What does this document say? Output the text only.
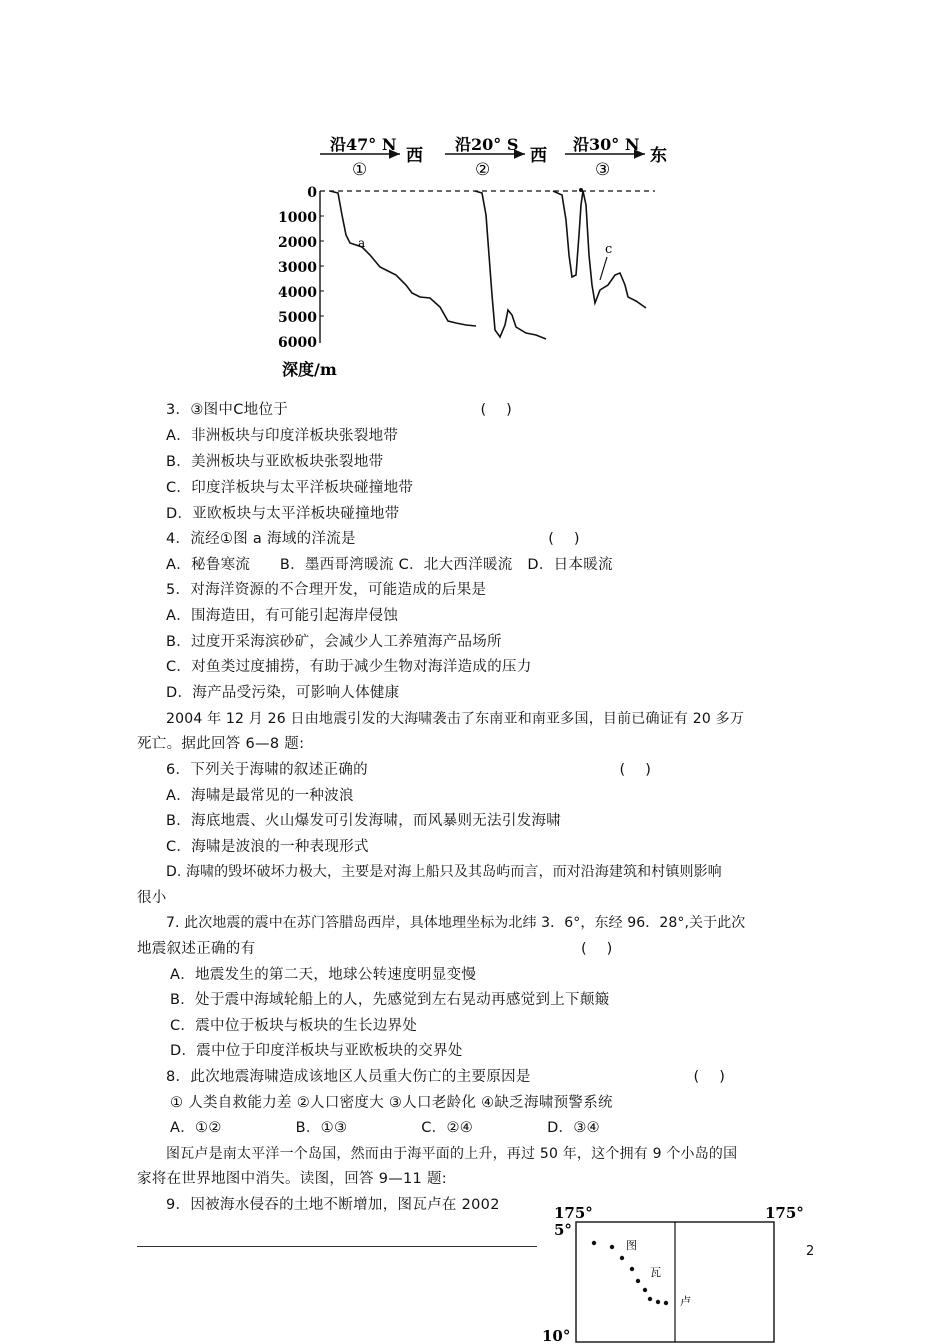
沿47° N
①
西
沿20° S
②
西
沿30° N
③
东
0
1000
2000
3000
4000
5000
6000
深度/m
a	c
3．③图中C地位于　　　　　　　　　　　　　(　 )
A．非洲板块与印度洋板块张裂地带
B．美洲板块与亚欧板块张裂地带
C．印度洋板块与太平洋板块碰撞地带
D．亚欧板块与太平洋板块碰撞地带
4．流经①图 a 海域的洋流是　　　　　　　　　　　　　(　 )
A．秘鲁寒流　　B．墨西哥湾暖流 C．北大西洋暖流　D．日本暖流
5．对海洋资源的不合理开发，可能造成的后果是
A．围海造田，有可能引起海岸侵蚀
B．过度开采海滨砂矿，会减少人工养殖海产品场所
C．对鱼类过度捕捞，有助于减少生物对海洋造成的压力
D．海产品受污染，可影响人体健康
2004 年 12 月 26 日由地震引发的大海啸袭击了东南亚和南亚多国，目前已确证有 20 多万
死亡。据此回答 6—8 题:
6．下列关于海啸的叙述正确的　　　　　　　　　　　　　　　　　(　 )
A．海啸是最常见的一种波浪
B．海底地震、火山爆发可引发海啸，而风暴则无法引发海啸
C．海啸是波浪的一种表现形式
D. 海啸的毁坏破坏力极大，主要是对海上船只及其岛屿而言，而对沿海建筑和村镇则影响
很小
7. 此次地震的震中在苏门答腊岛西岸，具体地理坐标为北纬 3．6°，东经 96．28°,关于此次
地震叙述正确的有　　　　　　　　　　　　　　　　　　　　　　(　 )
A．地震发生的第二天，地球公转速度明显变慢
B．处于震中海域轮船上的人，先感觉到左右晃动再感觉到上下颠簸
C．震中位于板块与板块的生长边界处
D．震中位于印度洋板块与亚欧板块的交界处
8．此次地震海啸造成该地区人员重大伤亡的主要原因是　　　　　　　　　　　(　 )
① 人类自救能力差 ②人口密度大 ③人口老龄化 ④缺乏海啸预警系统
A．①②　　　　　B．①③　　　　　C．②④　　　　　D．③④
图瓦卢是南太平洋一个岛国，然而由于海平面的上升，再过 50 年，这个拥有 9 个小岛的国
家将在世界地图中消失。读图，回答 9—11 题:
9．因被海水侵吞的土地不断增加，图瓦卢在 2002	175°	175°
5°
10°
图
瓦
卢
2
